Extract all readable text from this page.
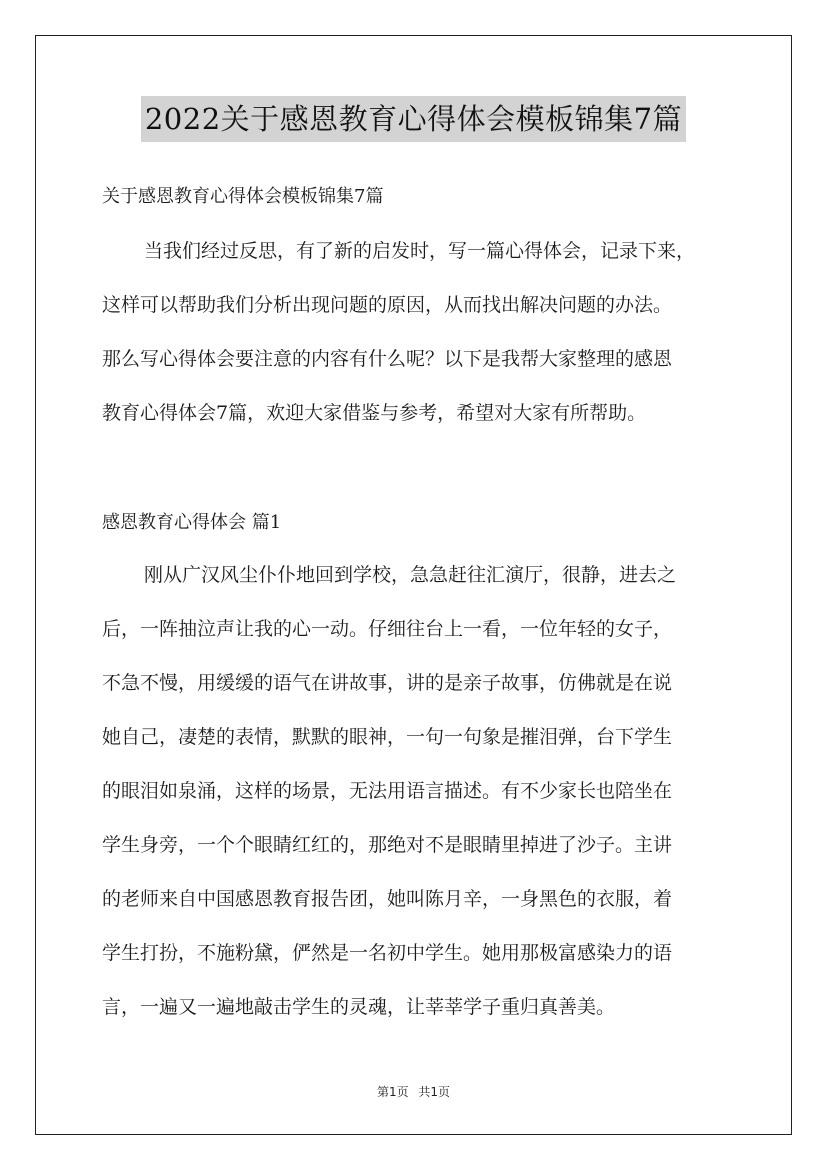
2022关于感恩教育心得体会模板锦集7篇
关于感恩教育心得体会模板锦集7篇
当我们经过反思，有了新的启发时，写一篇心得体会，记录下来，
这样可以帮助我们分析出现问题的原因，从而找出解决问题的办法。
那么写心得体会要注意的内容有什么呢？以下是我帮大家整理的感恩
教育心得体会7篇，欢迎大家借鉴与参考，希望对大家有所帮助。
感恩教育心得体会 篇1
刚从广汉风尘仆仆地回到学校，急急赶往汇演厅，很静，进去之
后，一阵抽泣声让我的心一动。仔细往台上一看，一位年轻的女子，
不急不慢，用缓缓的语气在讲故事，讲的是亲子故事，仿佛就是在说
她自己，凄楚的表情，默默的眼神，一句一句象是摧泪弹，台下学生
的眼泪如泉涌，这样的场景，无法用语言描述。有不少家长也陪坐在
学生身旁，一个个眼睛红红的，那绝对不是眼睛里掉进了沙子。主讲
的老师来自中国感恩教育报告团，她叫陈月辛，一身黑色的衣服，着
学生打扮，不施粉黛，俨然是一名初中学生。她用那极富感染力的语
言，一遍又一遍地敲击学生的灵魂，让莘莘学子重归真善美。
第1页 共1页
